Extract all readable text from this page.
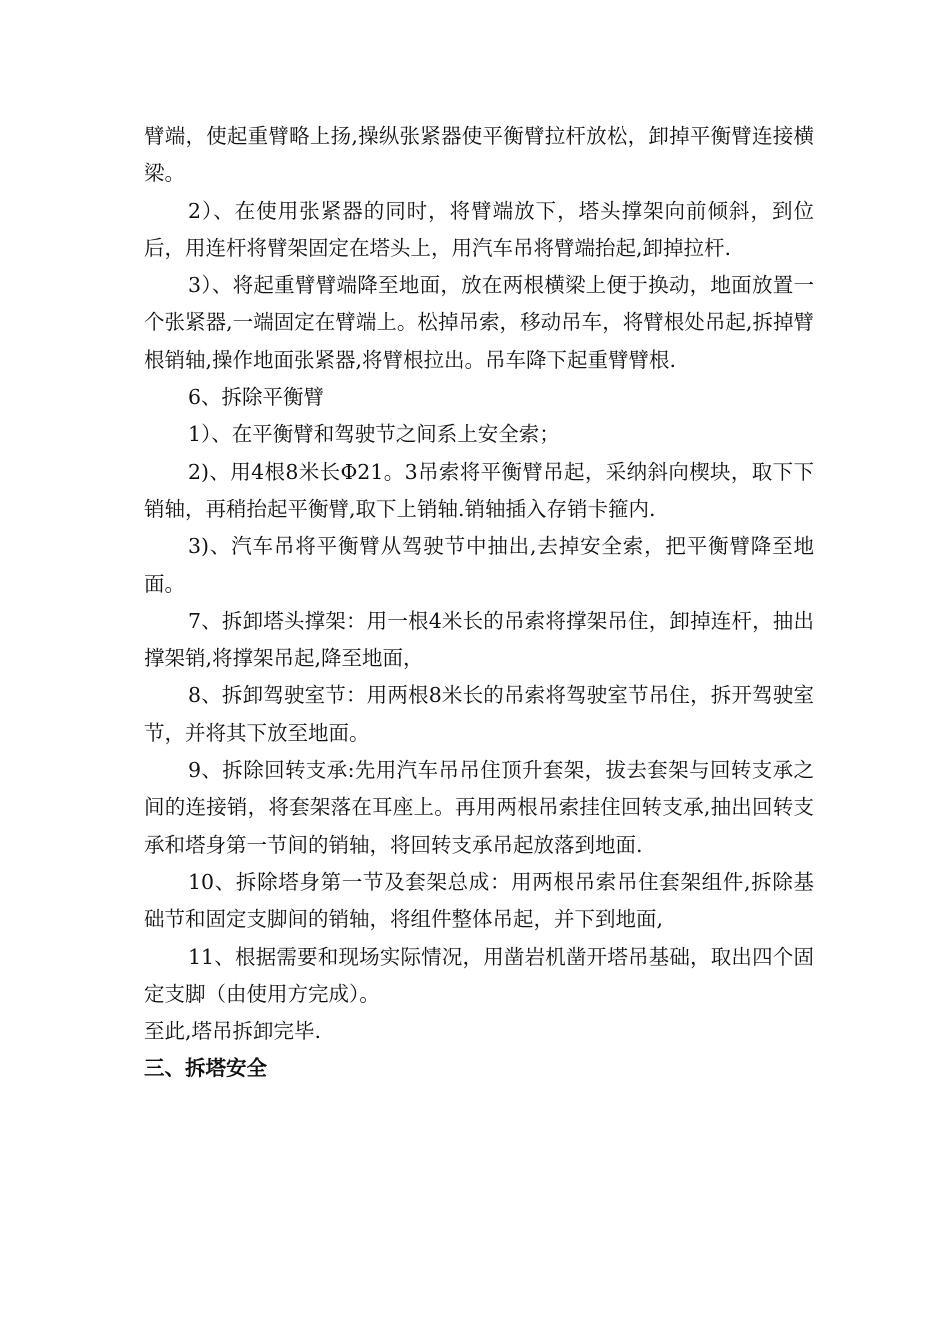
臂端，使起重臂略上扬,操纵张紧器使平衡臂拉杆放松，卸掉平衡臂连接横梁。

2）、在使用张紧器的同时，将臂端放下，塔头撑架向前倾斜，到位后，用连杆将臂架固定在塔头上，用汽车吊将臂端抬起,卸掉拉杆.

3）、将起重臂臂端降至地面，放在两根横梁上便于换动，地面放置一个张紧器,一端固定在臂端上。松掉吊索，移动吊车，将臂根处吊起,拆掉臂根销轴,操作地面张紧器,将臂根拉出。吊车降下起重臂臂根.

6、拆除平衡臂

1）、在平衡臂和驾驶节之间系上安全索；

2)、用4根8米长Φ21。3吊索将平衡臂吊起，采纳斜向楔块，取下下销轴，再稍抬起平衡臂,取下上销轴.销轴插入存销卡箍内.

3)、汽车吊将平衡臂从驾驶节中抽出,去掉安全索，把平衡臂降至地面。

7、拆卸塔头撑架：用一根4米长的吊索将撑架吊住，卸掉连杆，抽出撑架销,将撑架吊起,降至地面，

8、拆卸驾驶室节：用两根8米长的吊索将驾驶室节吊住，拆开驾驶室节，并将其下放至地面。

9、拆除回转支承:先用汽车吊吊住顶升套架，拔去套架与回转支承之间的连接销，将套架落在耳座上。再用两根吊索挂住回转支承,抽出回转支承和塔身第一节间的销轴，将回转支承吊起放落到地面.

10、拆除塔身第一节及套架总成：用两根吊索吊住套架组件,拆除基础节和固定支脚间的销轴，将组件整体吊起，并下到地面,

11、根据需要和现场实际情况，用凿岩机凿开塔吊基础，取出四个固定支脚（由使用方完成）。

至此,塔吊拆卸完毕.

三、拆塔安全
